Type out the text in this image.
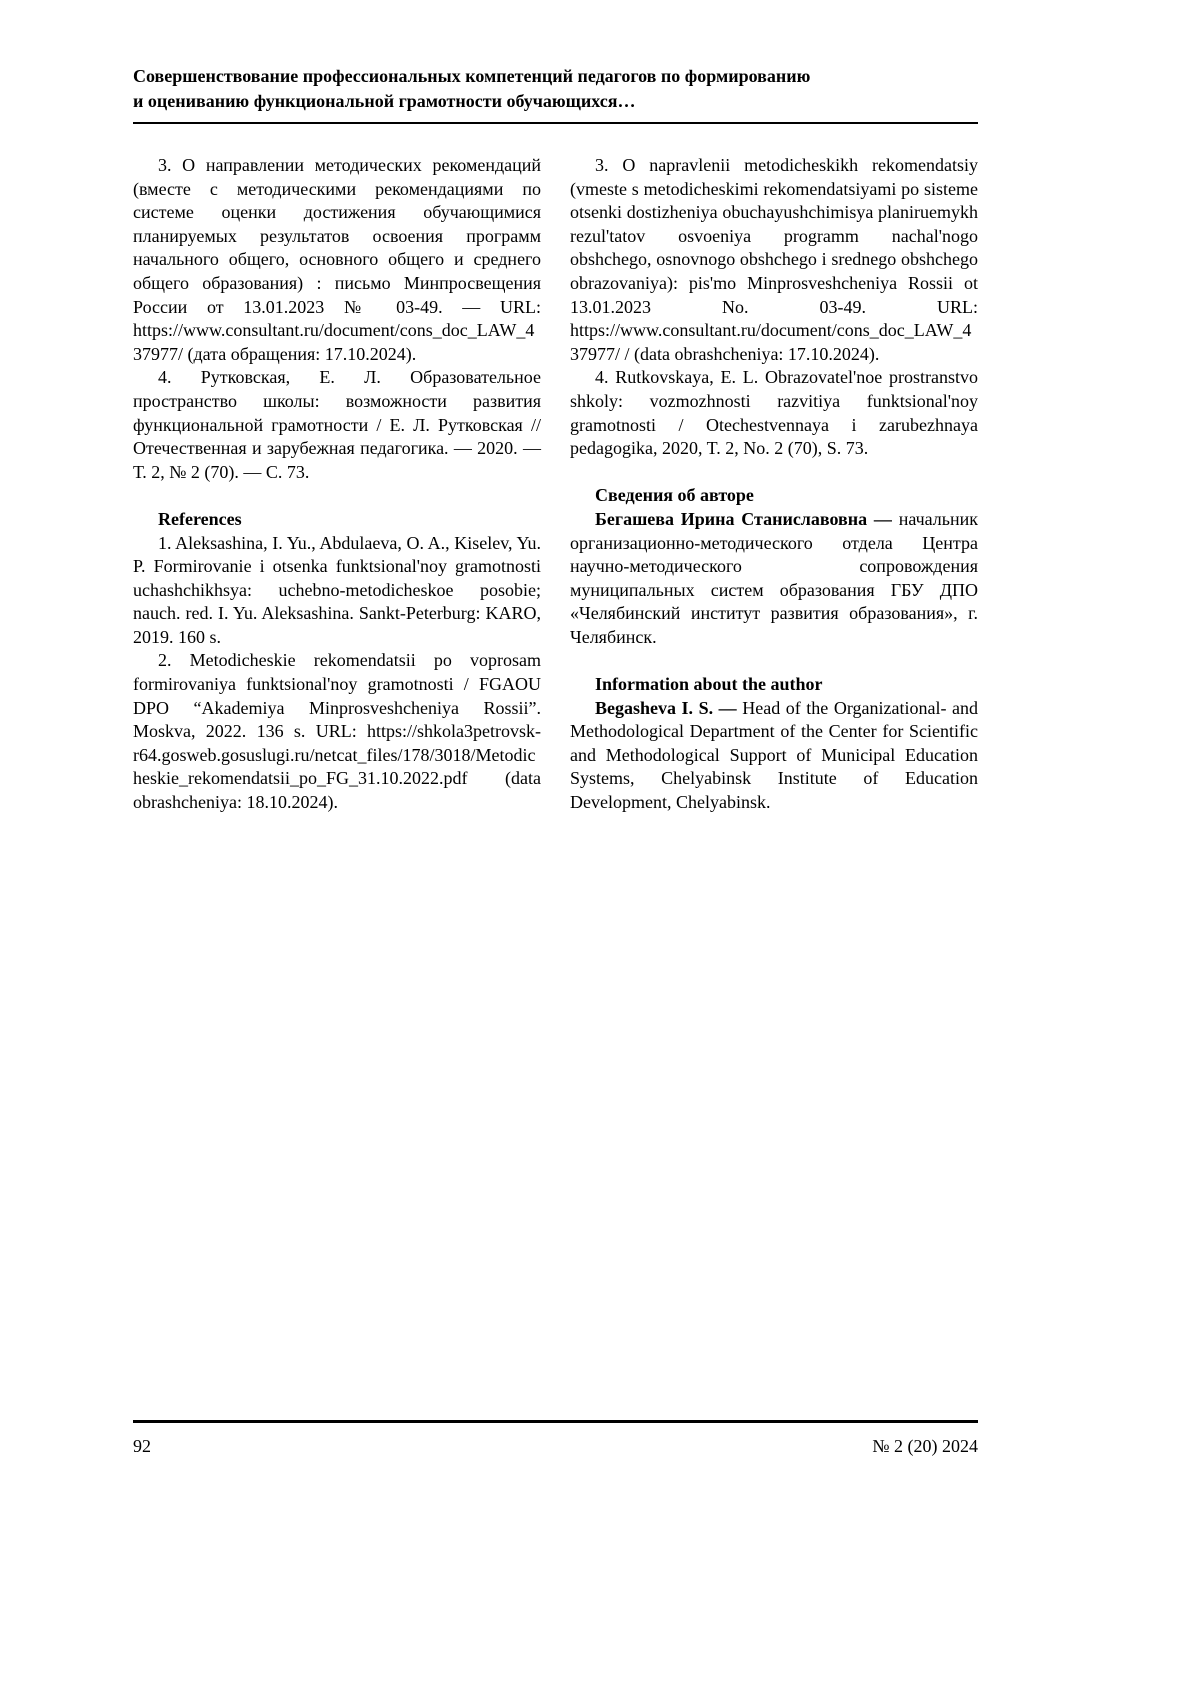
Совершенствование профессиональных компетенций педагогов по формированию
и оцениванию функциональной грамотности обучающихся…

3. О направлении методических рекомендаций (вместе с методическими рекомендациями по системе оценки достижения обучающимися планируемых результатов освоения программ начального общего, основного общего и среднего общего образования) : письмо Минпросвещения России от 13.01.2023 № 03-49. — URL: https://www.consultant.ru/document/cons_doc_LAW_437977/ (дата обращения: 17.10.2024).

4. Рутковская, Е. Л. Образовательное пространство школы: возможности развития функциональной грамотности / Е. Л. Рутковская // Отечественная и зарубежная педагогика. — 2020. — Т. 2, № 2 (70). — С. 73.

References

1. Aleksashina, I. Yu., Abdulaeva, O. A., Kiselev, Yu. P. Formirovanie i otsenka funktsional'noy gramotnosti uchashchikhsya: uchebno-metodicheskoe posobie; nauch. red. I. Yu. Aleksashina. Sankt-Peterburg: KARO, 2019. 160 s.

2. Metodicheskie rekomendatsii po voprosam formirovaniya funktsional'noy gramotnosti / FGAOU DPO “Akademiya Minprosveshcheniya Rossii”. Moskva, 2022. 136 s. URL: https://shkola3petrovsk-r64.gosweb.gosuslugi.ru/netcat_files/178/3018/Metodicheskie_rekomendatsii_po_FG_31.10.2022.pdf (data obrashcheniya: 18.10.2024).

3. O napravlenii metodicheskikh rekomendatsiy (vmeste s metodicheskimi rekomendatsiyami po sisteme otsenki dostizheniya obuchayushchimisya planiruemykh rezul'tatov osvoeniya programm nachal'nogo obshchego, osnovnogo obshchego i srednego obshchego obrazovaniya): pis'mo Minprosveshcheniya Rossii ot 13.01.2023 No. 03-49. URL: https://www.consultant.ru/document/cons_doc_LAW_437977/ / (data obrashcheniya: 17.10.2024).

4. Rutkovskaya, E. L. Obrazovatel'noe prostranstvo shkoly: vozmozhnosti razvitiya funktsional'noy gramotnosti / Otechestvennaya i zarubezhnaya pedagogika, 2020, T. 2, No. 2 (70), S. 73.

Сведения об авторе

Бегашева Ирина Станиславовна — начальник организационно-методического отдела Центра научно-методического сопровождения муниципальных систем образования ГБУ ДПО «Челябинский институт развития образования», г. Челябинск.

Information about the author

Begasheva I. S. — Head of the Organizational- and Methodological Department of the Center for Scientific and Methodological Support of Municipal Education Systems, Chelyabinsk Institute of Education Development, Chelyabinsk.

92	№ 2 (20) 2024
